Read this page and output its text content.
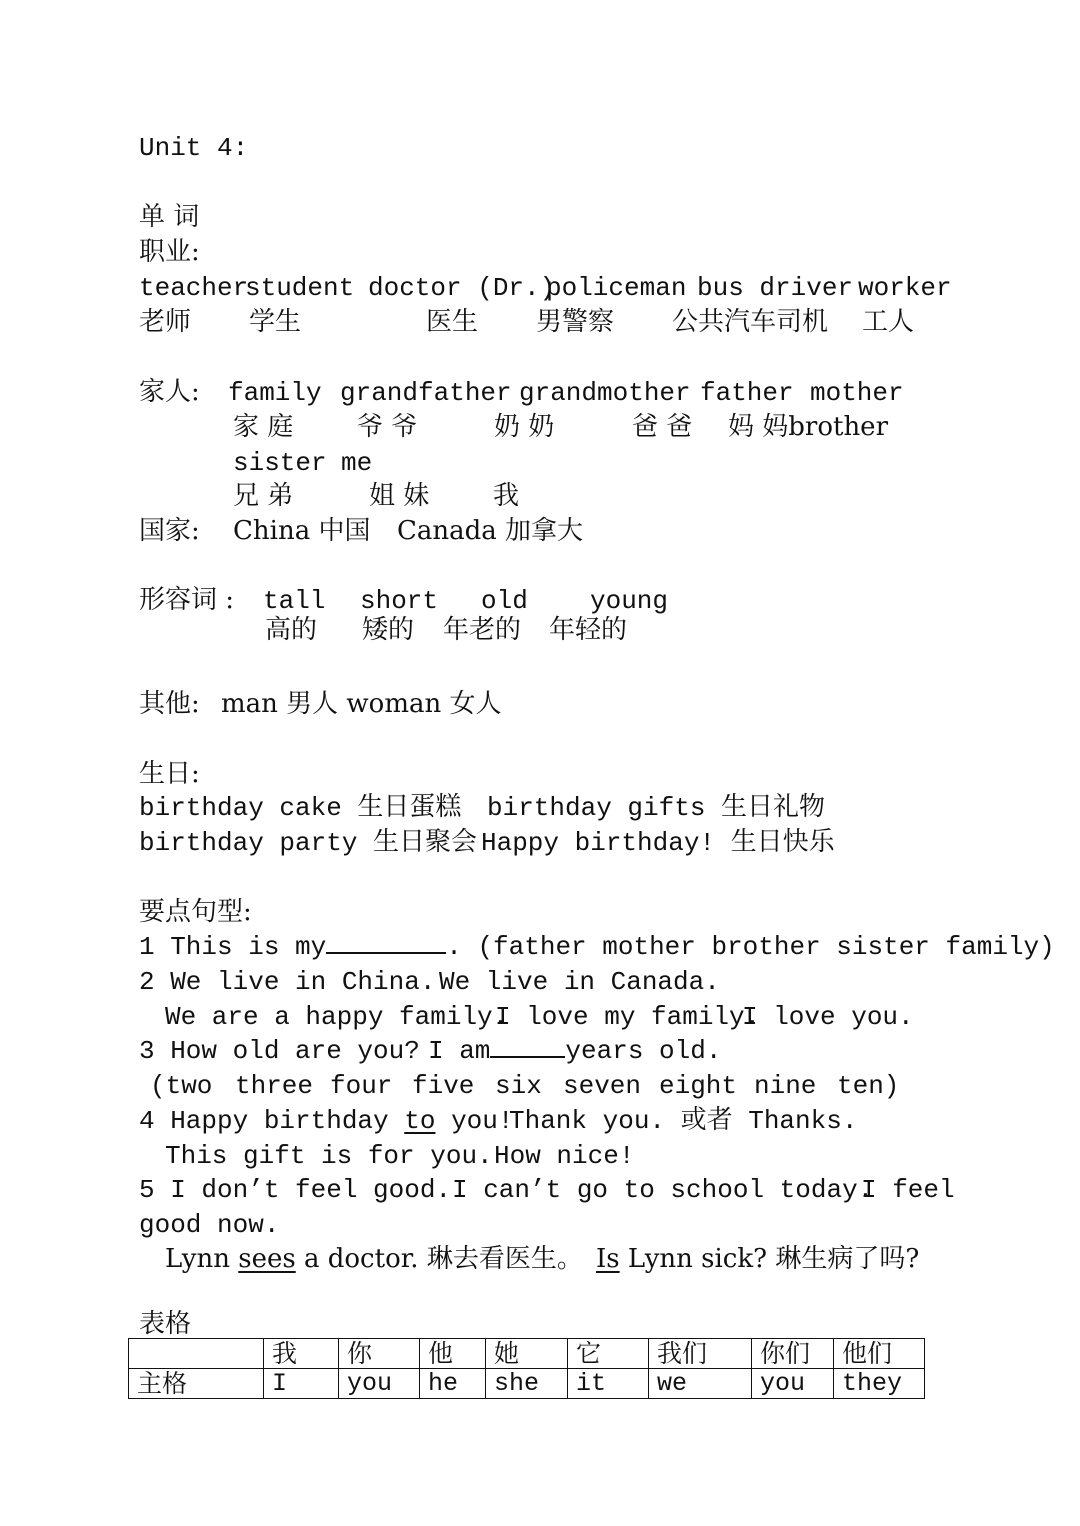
Unit 4:
单 词
职业:
teacher
student doctor (Dr.)
policeman bus driver worker
老师 学生	医生 男警察 公共汽车司机 工人
家人: family grandfather grandmother father mother
家 庭 爷 爷	奶 奶	爸 爸 妈 妈brother
sister me
兄 弟	姐 妹 我
国家: China 中国 Canada 加拿大
形容词 : tall short old young
高的 矮的 年老的 年轻的
其他: man 男人 woman 女人
生日:
birthday cake 生日蛋糕 birthday gifts 生日礼物
birthday party 生日聚会 Happy birthday! 生日快乐
要点句型:
1 This is my	. (father mother brother sister family)
2 We live in China. We live in Canada.
We are a happy family.
I love my family.
I love you.
3 How old are you? I am	years old.
(two three four five six seven eight nine ten)
4 Happy birthday to you!
Thank you. 或者 Thanks.
This gift is for you. How nice!
5 I don’t feel good. I can’t go to school today.
I feel
good now.
Lynn sees a doctor. 琳去看医生。 Is Lynn sick? 琳生病了吗?
表格
	我	你	他	她	它	我们	你们	他们
主格	I	you	he	she	it	we	you	they
